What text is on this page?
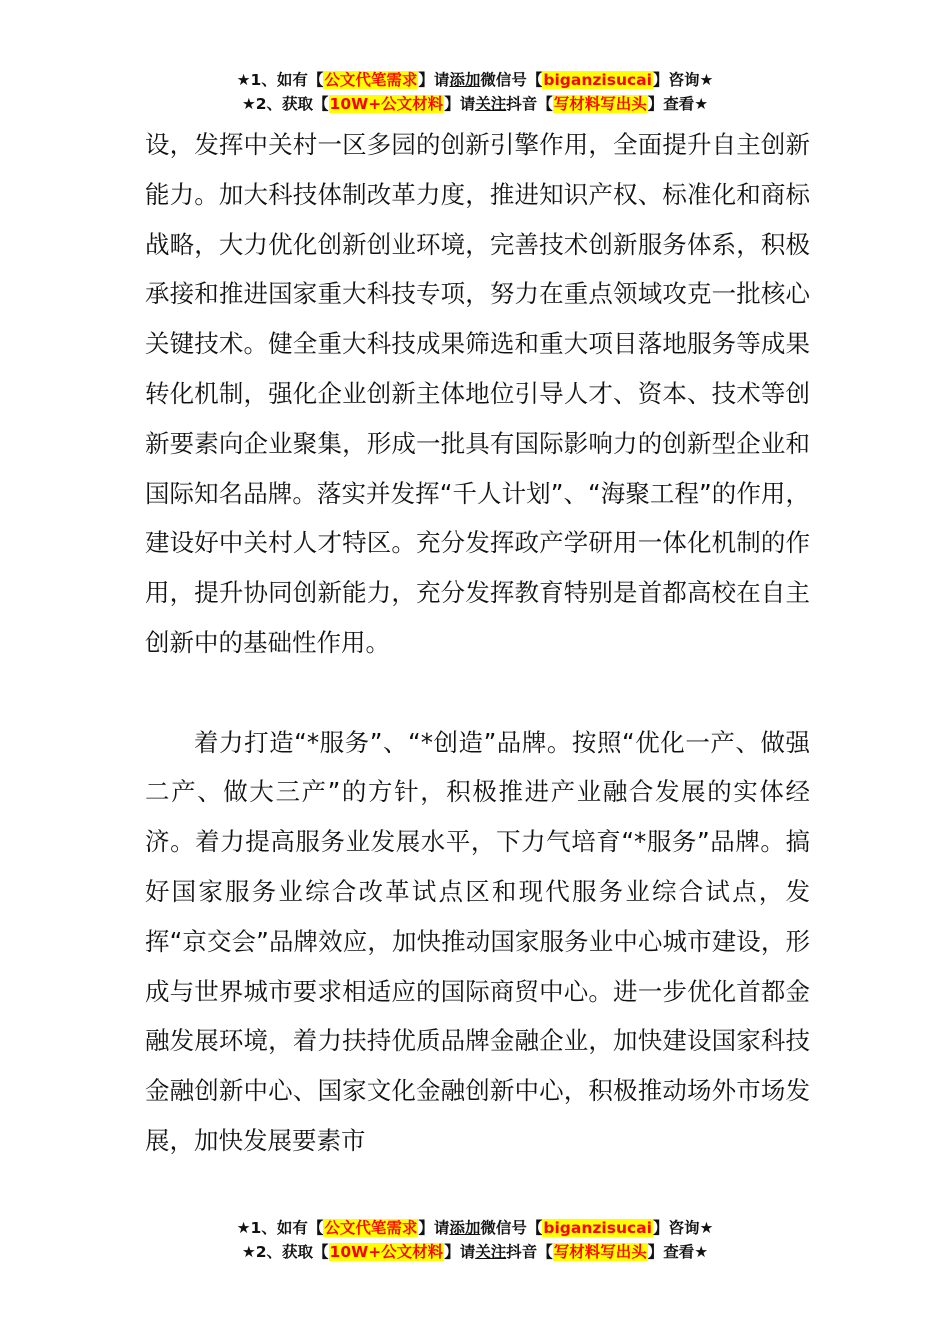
★1、如有【公文代笔需求】请添加微信号【biganzisucai】咨询★
★2、获取【10W+公文材料】请关注抖音【写材料写出头】查看★

设，发挥中关村一区多园的创新引擎作用，全面提升自主创新能力。加大科技体制改革力度，推进知识产权、标准化和商标战略，大力优化创新创业环境，完善技术创新服务体系，积极承接和推进国家重大科技专项，努力在重点领域攻克一批核心关键技术。健全重大科技成果筛选和重大项目落地服务等成果转化机制，强化企业创新主体地位引导人才、资本、技术等创新要素向企业聚集，形成一批具有国际影响力的创新型企业和国际知名品牌。落实并发挥“千人计划”、“海聚工程”的作用，建设好中关村人才特区。充分发挥政产学研用一体化机制的作用，提升协同创新能力，充分发挥教育特别是首都高校在自主创新中的基础性作用。

着力打造“*服务”、“*创造”品牌。按照“优化一产、做强二产、做大三产”的方针，积极推进产业融合发展的实体经济。着力提高服务业发展水平，下力气培育“*服务”品牌。搞好国家服务业综合改革试点区和现代服务业综合试点，发挥“京交会”品牌效应，加快推动国家服务业中心城市建设，形成与世界城市要求相适应的国际商贸中心。进一步优化首都金融发展环境，着力扶持优质品牌金融企业，加快建设国家科技金融创新中心、国家文化金融创新中心，积极推动场外市场发展，加快发展要素市

★1、如有【公文代笔需求】请添加微信号【biganzisucai】咨询★
★2、获取【10W+公文材料】请关注抖音【写材料写出头】查看★
